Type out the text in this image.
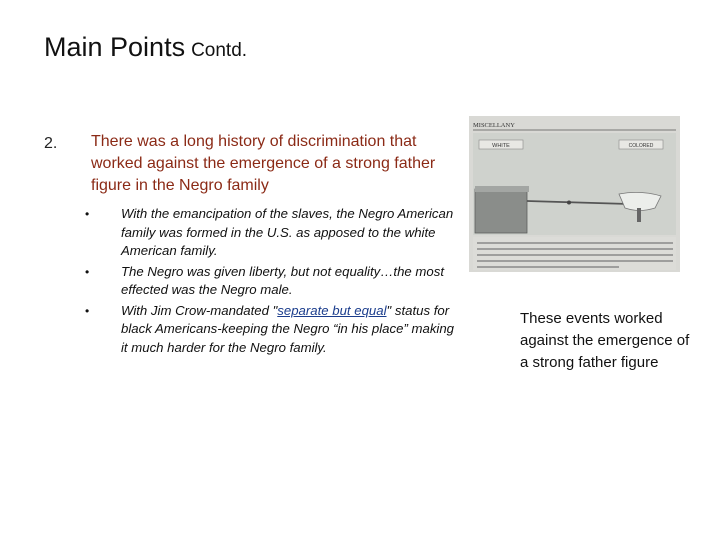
Main Points Contd.
2. There was a long history of discrimination that worked against the emergence of a strong father figure in the Negro family
• With the emancipation of the slaves, the Negro American family was formed in the U.S. as apposed to the white American family.
• The Negro was given liberty, but not equality…the most effected was the Negro male.
• With Jim Crow-mandated "separate but equal" status for black Americans-keeping the Negro “in his place” making it much harder for the Negro family.
MISCELLANY
WHITE	COLORED
These events worked against the emergence of a strong father figure
